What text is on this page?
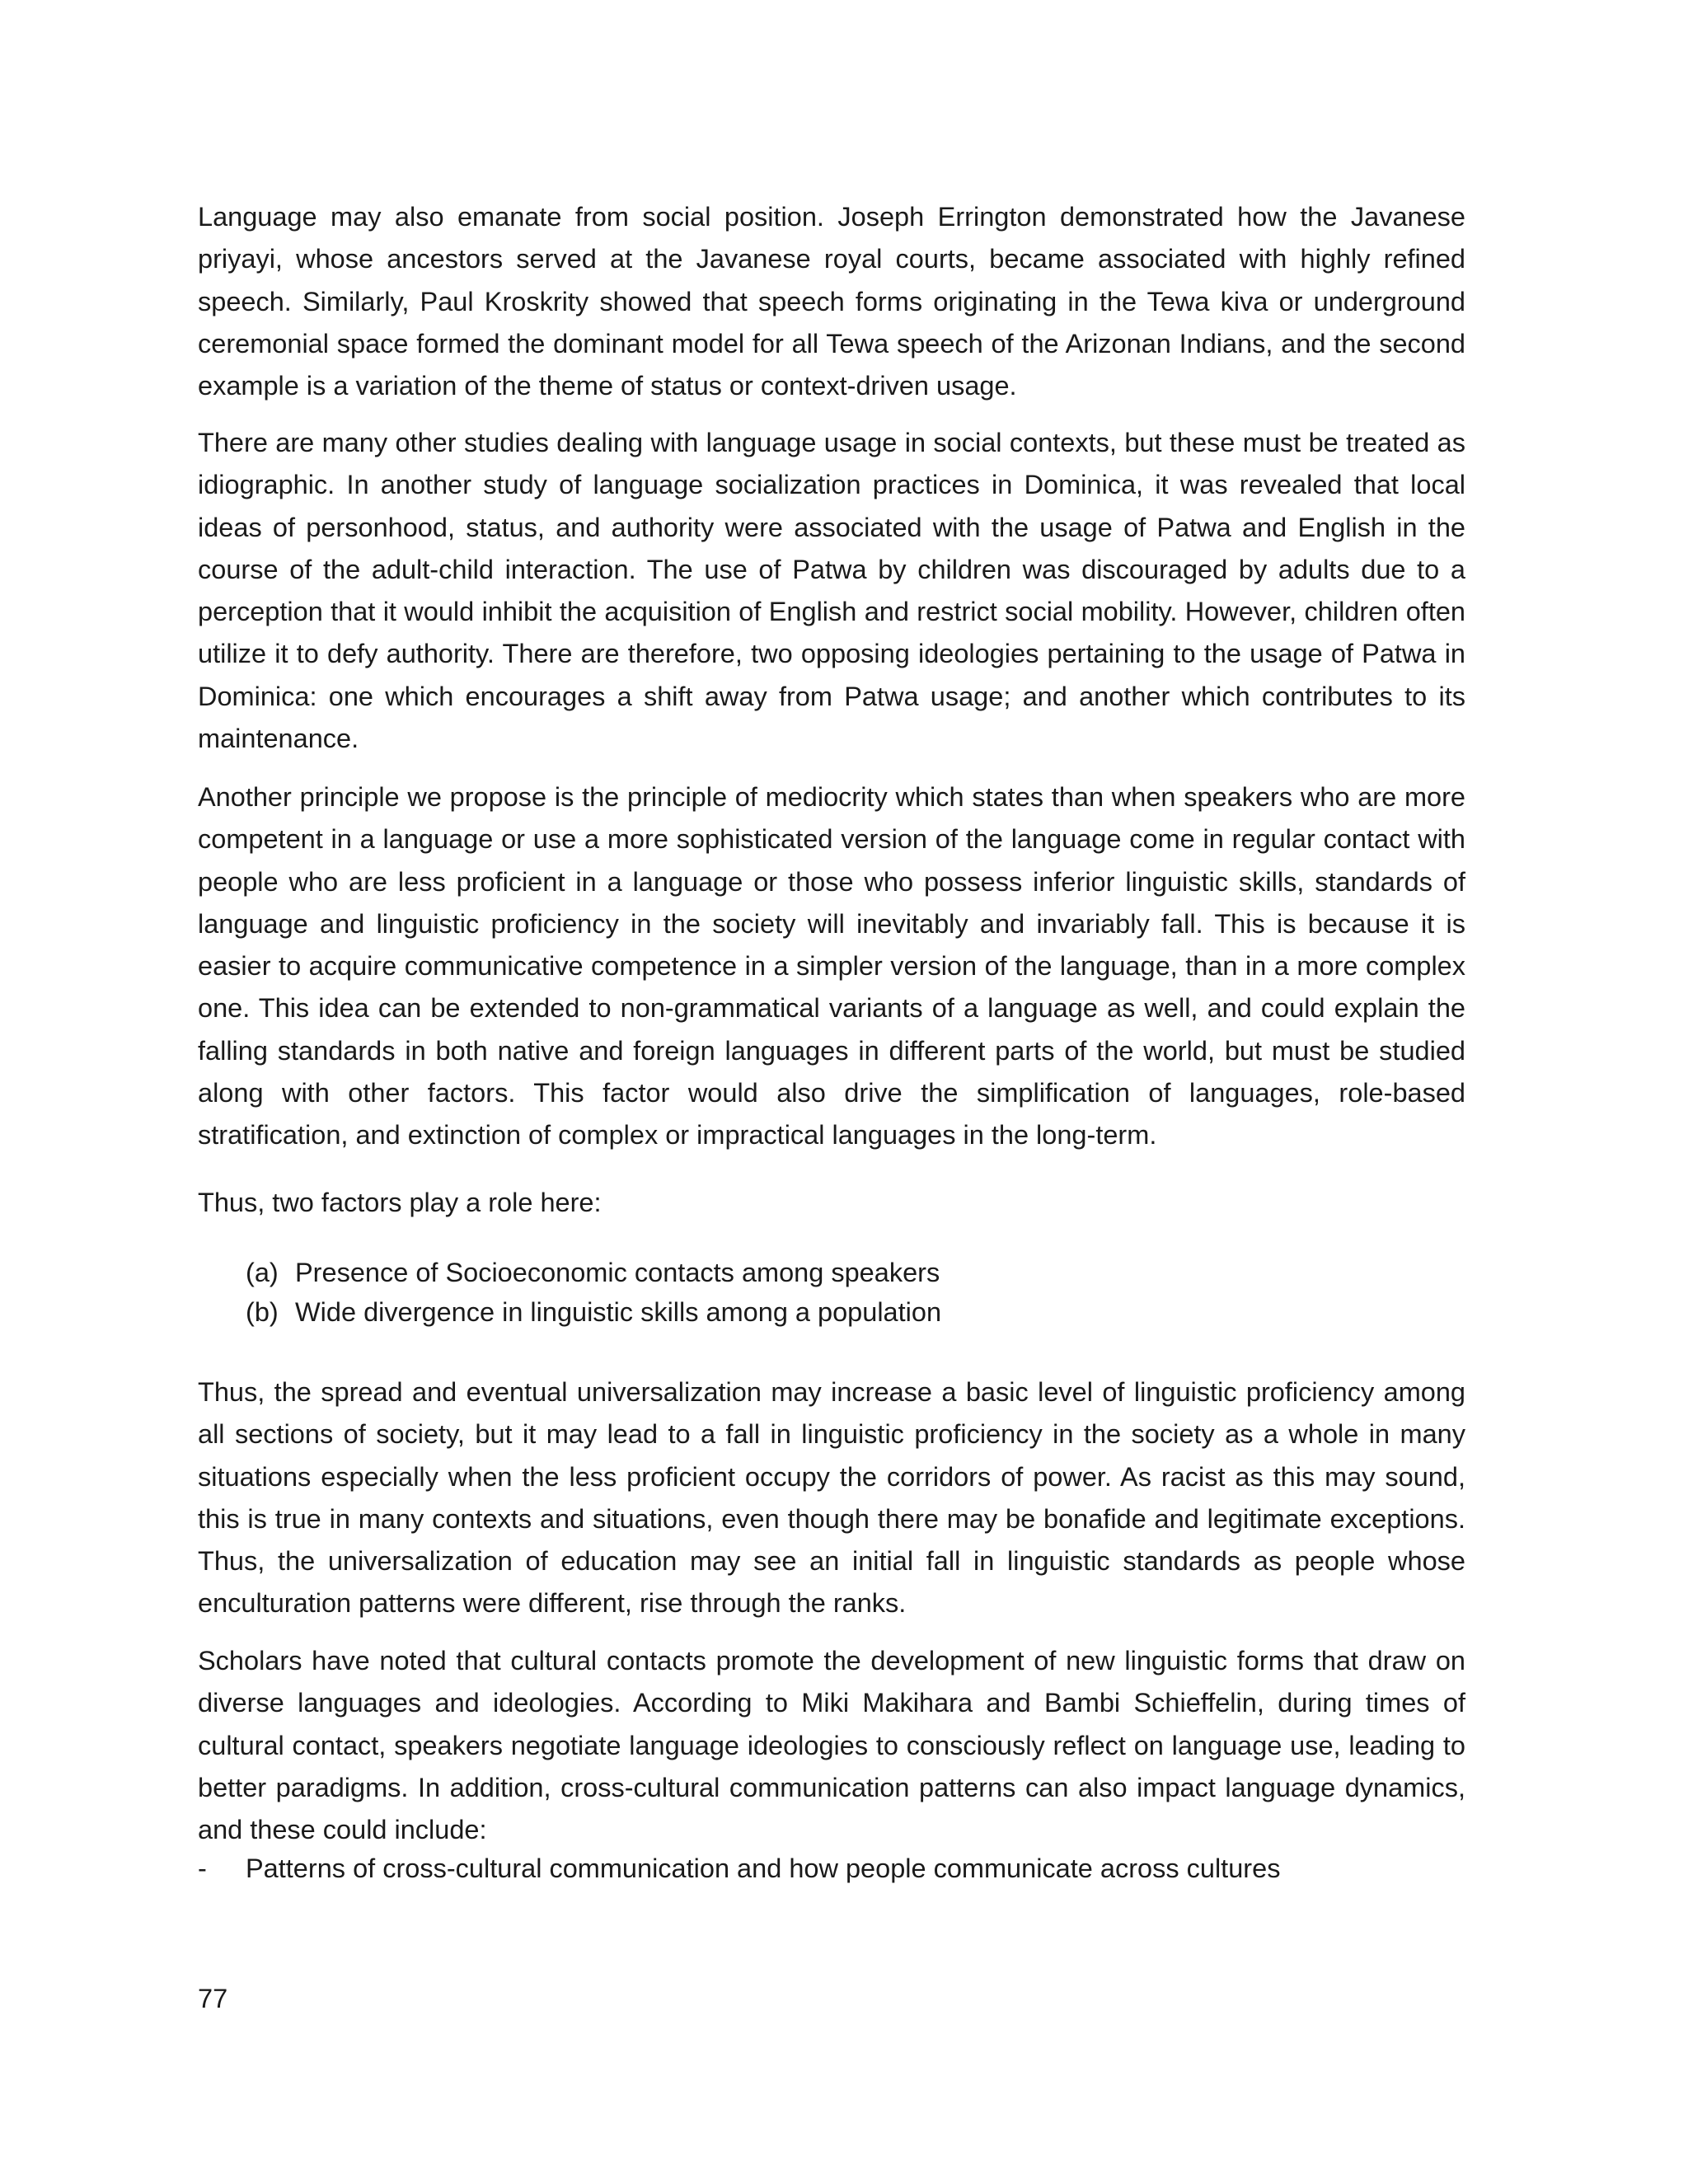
Language may also emanate from social position. Joseph Errington demonstrated how the Javanese priyayi, whose ancestors served at the Javanese royal courts, became associated with highly refined speech. Similarly, Paul Kroskrity showed that speech forms originating in the Tewa kiva or underground ceremonial space formed the dominant model for all Tewa speech of the Arizonan Indians, and the second example is a variation of the theme of status or context-driven usage.

There are many other studies dealing with language usage in social contexts, but these must be treated as idiographic. In another study of language socialization practices in Dominica, it was revealed that local ideas of personhood, status, and authority were associated with the usage of Patwa and English in the course of the adult-child interaction. The use of Patwa by children was discouraged by adults due to a perception that it would inhibit the acquisition of English and restrict social mobility. However, children often utilize it to defy authority. There are therefore, two opposing ideologies pertaining to the usage of Patwa in Dominica: one which encourages a shift away from Patwa usage; and another which contributes to its maintenance.

Another principle we propose is the principle of mediocrity which states than when speakers who are more competent in a language or use a more sophisticated version of the language come in regular contact with people who are less proficient in a language or those who possess inferior linguistic skills, standards of language and linguistic proficiency in the society will inevitably and invariably fall. This is because it is easier to acquire communicative competence in a simpler version of the language, than in a more complex one. This idea can be extended to non-grammatical variants of a language as well, and could explain the falling standards in both native and foreign languages in different parts of the world, but must be studied along with other factors. This factor would also drive the simplification of languages, role-based stratification, and extinction of complex or impractical languages in the long-term.

Thus, two factors play a role here:

(a) Presence of Socioeconomic contacts among speakers
(b) Wide divergence in linguistic skills among a population

Thus, the spread and eventual universalization may increase a basic level of linguistic proficiency among all sections of society, but it may lead to a fall in linguistic proficiency in the society as a whole in many situations especially when the less proficient occupy the corridors of power. As racist as this may sound, this is true in many contexts and situations, even though there may be bonafide and legitimate exceptions. Thus, the universalization of education may see an initial fall in linguistic standards as people whose enculturation patterns were different, rise through the ranks.

Scholars have noted that cultural contacts promote the development of new linguistic forms that draw on diverse languages and ideologies. According to Miki Makihara and Bambi Schieffelin, during times of cultural contact, speakers negotiate language ideologies to consciously reflect on language use, leading to better paradigms. In addition, cross-cultural communication patterns can also impact language dynamics, and these could include:

-	Patterns of cross-cultural communication and how people communicate across cultures

77
